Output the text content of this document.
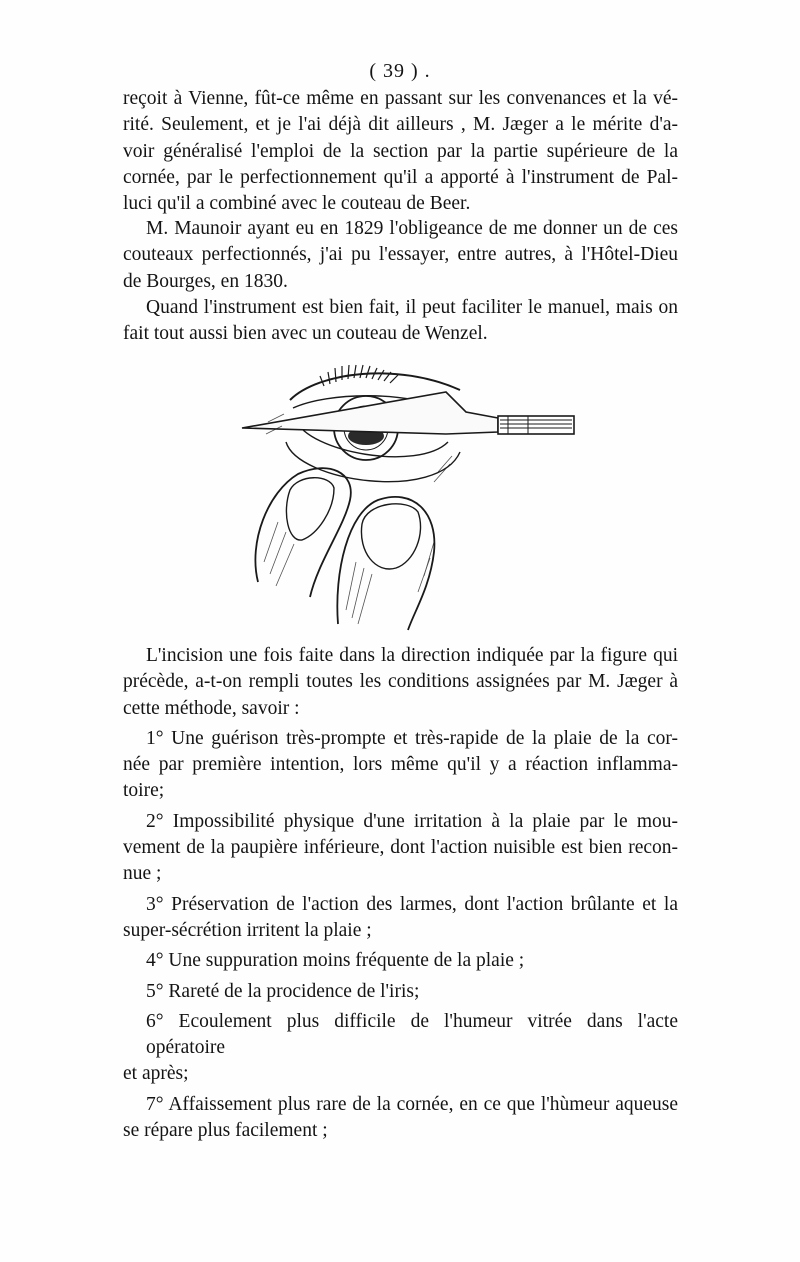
( 39 ) .

reçoit à Vienne, fût-ce même en passant sur les convenances et la vé-
rité. Seulement, et je l'ai déjà dit ailleurs , M. Jæger a le mérite d'a-
voir généralisé l'emploi de la section par la partie supérieure de la
cornée, par le perfectionnement qu'il a apporté à l'instrument de Pal-
luci qu'il a combiné avec le couteau de Beer.

M. Maunoir ayant eu en 1829 l'obligeance de me donner un de ces
couteaux perfectionnés, j'ai pu l'essayer, entre autres, à l'Hôtel-Dieu
de Bourges, en 1830.

Quand l'instrument est bien fait, il peut faciliter le manuel, mais on
fait tout aussi bien avec un couteau de Wenzel.

L'incision une fois faite dans la direction indiquée par la figure qui
précède, a-t-on rempli toutes les conditions assignées par M. Jæger à
cette méthode, savoir :

1° Une guérison très-prompte et très-rapide de la plaie de la cor-
née par première intention, lors même qu'il y a réaction inflamma-
toire;

2° Impossibilité physique d'une irritation à la plaie par le mou-
vement de la paupière inférieure, dont l'action nuisible est bien recon-
nue ;

3° Préservation de l'action des larmes, dont l'action brûlante et la
super-sécrétion irritent la plaie ;

4° Une suppuration moins fréquente de la plaie ;

5° Rareté de la procidence de l'iris;

6° Ecoulement plus difficile de l'humeur vitrée dans l'acte opératoire
et après;

7° Affaissement plus rare de la cornée, en ce que l'hùmeur aqueuse
se répare plus facilement ;
